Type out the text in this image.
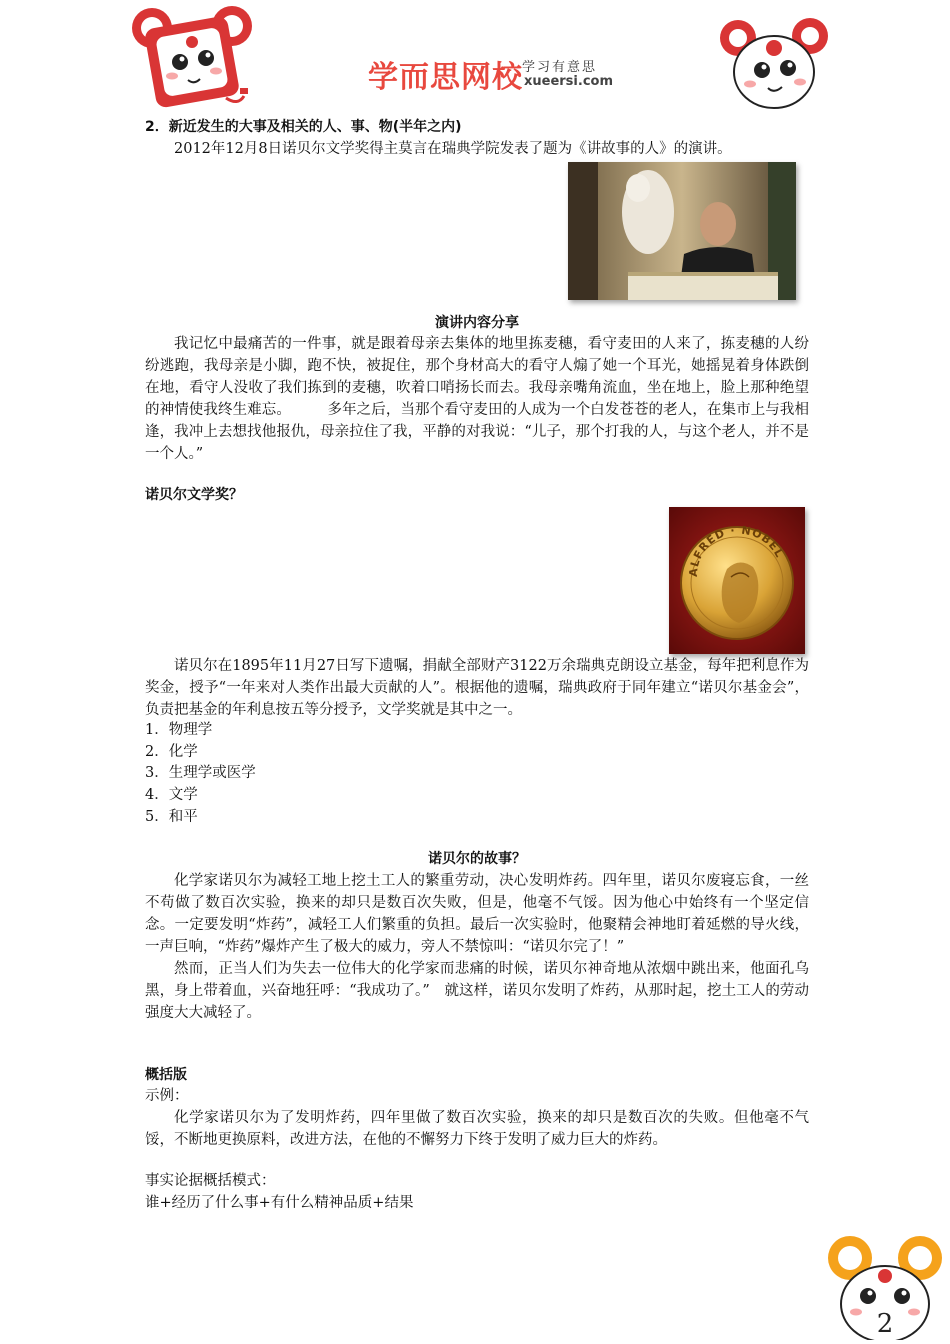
学而思网校 学习有意思
xueersi.com
2．新近发生的大事及相关的人、事、物(半年之内)
2012年12月8日诺贝尔文学奖得主莫言在瑞典学院发表了题为《讲故事的人》的演讲。
演讲内容分享
我记忆中最痛苦的一件事，就是跟着母亲去集体的地里拣麦穗，看守麦田的人来了，拣麦穗的人纷纷逃跑，我母亲是小脚，跑不快，被捉住，那个身材高大的看守人煽了她一个耳光，她摇晃着身体跌倒在地，看守人没收了我们拣到的麦穗，吹着口哨扬长而去。我母亲嘴角流血，坐在地上，脸上那种绝望的神情使我终生难忘。　　　多年之后，当那个看守麦田的人成为一个白发苍苍的老人，在集市上与我相逢，我冲上去想找他报仇，母亲拉住了我，平静的对我说：“儿子，那个打我的人，与这个老人，并不是一个人。”
诺贝尔文学奖？
ALFRED · NOBEL
诺贝尔在1895年11月27日写下遗嘱，捐献全部财产3122万余瑞典克朗设立基金，每年把利息作为奖金，授予“一年来对人类作出最大贡献的人”。根据他的遗嘱，瑞典政府于同年建立“诺贝尔基金会”，负责把基金的年利息按五等分授予，文学奖就是其中之一。
1．物理学
2．化学
3．生理学或医学
4．文学
5．和平
诺贝尔的故事？

化学家诺贝尔为减轻工地上挖土工人的繁重劳动，决心发明炸药。四年里，诺贝尔废寝忘食，一丝不苟做了数百次实验，换来的却只是数百次失败，但是，他毫不气馁。因为他心中始终有一个坚定信念。一定要发明“炸药”，减轻工人们繁重的负担。最后一次实验时，他聚精会神地盯着延燃的导火线，一声巨响，“炸药”爆炸产生了极大的威力，旁人不禁惊叫：“诺贝尔完了！”

然而，正当人们为失去一位伟大的化学家而悲痛的时候，诺贝尔神奇地从浓烟中跳出来，他面孔乌黑，身上带着血，兴奋地狂呼：“我成功了。”　就这样，诺贝尔发明了炸药，从那时起，挖土工人的劳动强度大大减轻了。

概括版
示例：
化学家诺贝尔为了发明炸药，四年里做了数百次实验，换来的却只是数百次的失败。但他毫不气馁，不断地更换原料，改进方法，在他的不懈努力下终于发明了威力巨大的炸药。
事实论据概括模式：
谁+经历了什么事+有什么精神品质+结果
2
